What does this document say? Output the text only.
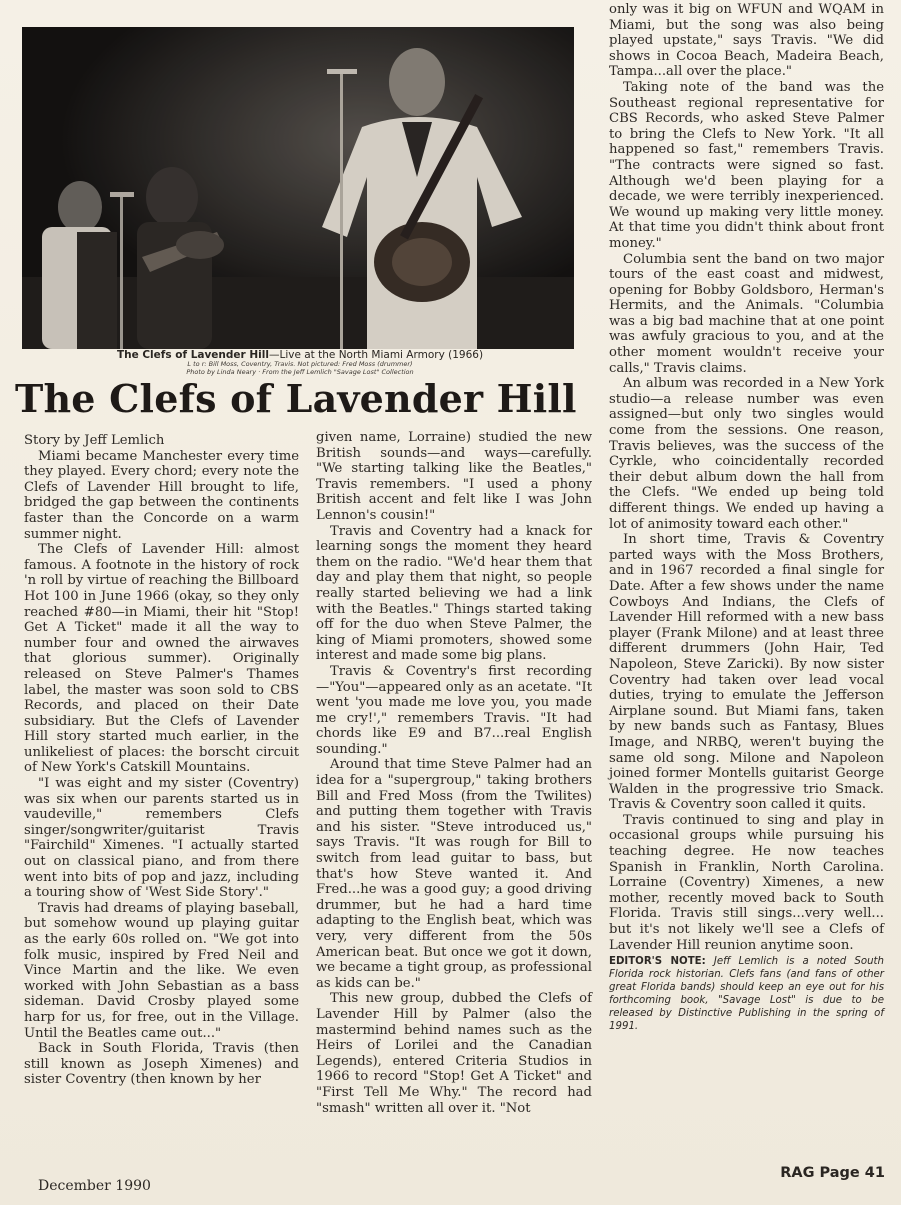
The Clefs of Lavender Hill—Live at the North Miami Armory (1966)
L to r: Bill Moss, Coventry, Travis. Not pictured: Fred Moss (drummer)
Photo by Linda Neary · From the Jeff Lemlich "Savage Lost" Collection
The Clefs of Lavender Hill

Story by Jeff Lemlich

Miami became Manchester every time they played. Every chord; every note the Clefs of Lavender Hill brought to life, bridged the gap between the continents faster than the Concorde on a warm summer night.

The Clefs of Lavender Hill: almost famous. A footnote in the history of rock 'n roll by virtue of reaching the Billboard Hot 100 in June 1966 (okay, so they only reached #80—in Miami, their hit "Stop! Get A Ticket" made it all the way to number four and owned the airwaves that glorious summer). Originally released on Steve Palmer's Thames label, the master was soon sold to CBS Records, and placed on their Date subsidiary. But the Clefs of Lavender Hill story started much earlier, in the unlikeliest of places: the borscht circuit of New York's Catskill Mountains.

"I was eight and my sister (Coventry) was six when our parents started us in vaudeville," remembers Clefs singer/songwriter/guitarist Travis "Fairchild" Ximenes. "I actually started out on classical piano, and from there went into bits of pop and jazz, including a touring show of 'West Side Story'."

Travis had dreams of playing baseball, but somehow wound up playing guitar as the early 60s rolled on. "We got into folk music, inspired by Fred Neil and Vince Martin and the like. We even worked with John Sebastian as a bass sideman. David Crosby played some harp for us, for free, out in the Village. Until the Beatles came out..."

Back in South Florida, Travis (then still known as Joseph Ximenes) and sister Coventry (then known by her

given name, Lorraine) studied the new British sounds—and ways—carefully. "We starting talking like the Beatles," Travis remembers. "I used a phony British accent and felt like I was John Lennon's cousin!"

Travis and Coventry had a knack for learning songs the moment they heard them on the radio. "We'd hear them that day and play them that night, so people really started believing we had a link with the Beatles." Things started taking off for the duo when Steve Palmer, the king of Miami promoters, showed some interest and made some big plans.

Travis & Coventry's first recording—"You"—appeared only as an acetate. "It went 'you made me love you, you made me cry!'," remembers Travis. "It had chords like E9 and B7...real English sounding."

Around that time Steve Palmer had an idea for a "supergroup," taking brothers Bill and Fred Moss (from the Twilites) and putting them together with Travis and his sister. "Steve introduced us," says Travis. "It was rough for Bill to switch from lead guitar to bass, but that's how Steve wanted it. And Fred...he was a good guy; a good driving drummer, but he had a hard time adapting to the English beat, which was very, very different from the 50s American beat. But once we got it down, we became a tight group, as professional as kids can be."

This new group, dubbed the Clefs of Lavender Hill by Palmer (also the mastermind behind names such as the Heirs of Lorilei and the Canadian Legends), entered Criteria Studios in 1966 to record "Stop! Get A Ticket" and "First Tell Me Why." The record had "smash" written all over it. "Not

only was it big on WFUN and WQAM in Miami, but the song was also being played upstate," says Travis. "We did shows in Cocoa Beach, Madeira Beach, Tampa...all over the place."

Taking note of the band was the Southeast regional representative for CBS Records, who asked Steve Palmer to bring the Clefs to New York. "It all happened so fast," remembers Travis. "The contracts were signed so fast. Although we'd been playing for a decade, we were terribly inexperienced. We wound up making very little money. At that time you didn't think about front money."

Columbia sent the band on two major tours of the east coast and midwest, opening for Bobby Goldsboro, Herman's Hermits, and the Animals. "Columbia was a big bad machine that at one point was awfuly gracious to you, and at the other moment wouldn't receive your calls," Travis claims.

An album was recorded in a New York studio—a release number was even assigned—but only two singles would come from the sessions. One reason, Travis believes, was the success of the Cyrkle, who coincidentally recorded their debut album down the hall from the Clefs. "We ended up being told different things. We ended up having a lot of animosity toward each other."

In short time, Travis & Coventry parted ways with the Moss Brothers, and in 1967 recorded a final single for Date. After a few shows under the name Cowboys And Indians, the Clefs of Lavender Hill reformed with a new bass player (Frank Milone) and at least three different drummers (John Hair, Ted Napoleon, Steve Zaricki). By now sister Coventry had taken over lead vocal duties, trying to emulate the Jefferson Airplane sound. But Miami fans, taken by new bands such as Fantasy, Blues Image, and NRBQ, weren't buying the same old song. Milone and Napoleon joined former Montells guitarist George Walden in the progressive trio Smack. Travis & Coventry soon called it quits.

Travis continued to sing and play in occasional groups while pursuing his teaching degree. He now teaches Spanish in Franklin, North Carolina. Lorraine (Coventry) Ximenes, a new mother, recently moved back to South Florida. Travis still sings...very well... but it's not likely we'll see a Clefs of Lavender Hill reunion anytime soon.

EDITOR'S NOTE: Jeff Lemlich is a noted South Florida rock historian. Clefs fans (and fans of other great Florida bands) should keep an eye out for his forthcoming book, "Savage Lost" is due to be released by Distinctive Publishing in the spring of 1991.

December 1990
RAG Page 41
